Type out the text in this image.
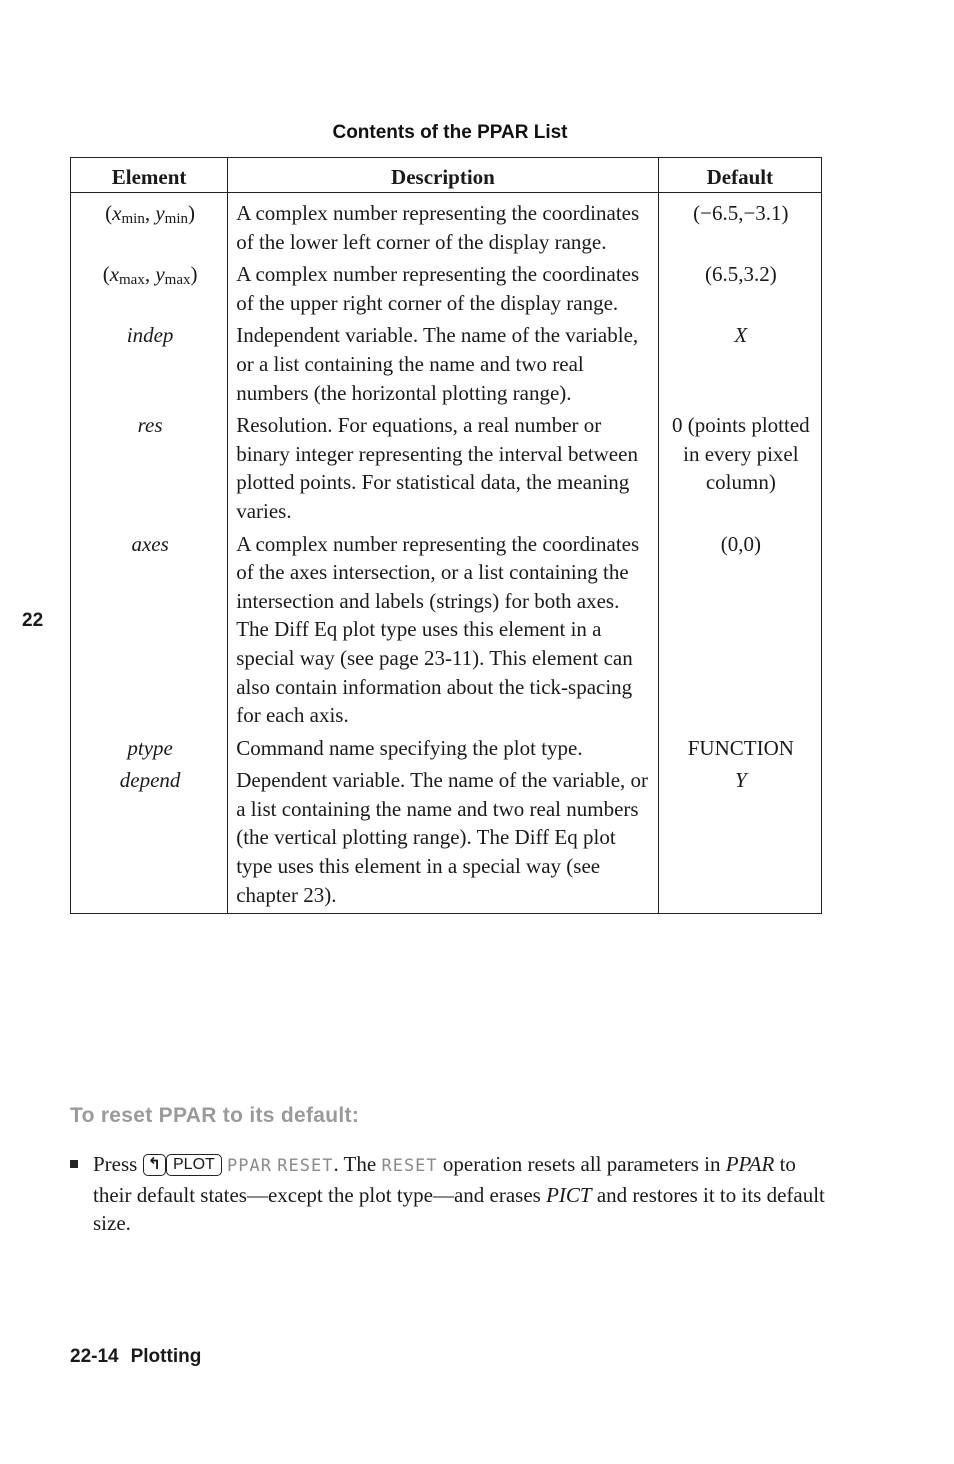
Contents of the PPAR List
Element	Description	Default
($x_{min}$, $y_{min}$)	A complex number representing the coordinates of the lower left corner of the display range.	(−6.5,−3.1)
($x_{max}$, $y_{max}$)	A complex number representing the coordinates of the upper right corner of the display range.	(6.5,3.2)
indep	Independent variable. The name of the variable, or a list containing the name and two real numbers (the horizontal plotting range).	X
res	Resolution. For equations, a real number or binary integer representing the interval between plotted points. For statistical data, the meaning varies.	0 (points plotted in every pixel column)
axes	A complex number representing the coordinates of the axes intersection, or a list containing the intersection and labels (strings) for both axes. The Diff Eq plot type uses this element in a special way (see page 23-11). This element can also contain information about the tick-spacing for each axis.	(0,0)
ptype	Command name specifying the plot type.	FUNCTION
depend	Dependent variable. The name of the variable, or a list containing the name and two real numbers (the vertical plotting range). The Diff Eq plot type uses this element in a special way (see chapter 23).	Y
22
To reset PPAR to its default:
Press ↰ PLOT PPAR RESET. The RESET operation resets all parameters in PPAR to their default states—except the plot type—and erases PICT and restores it to its default size.
22-14 Plotting
